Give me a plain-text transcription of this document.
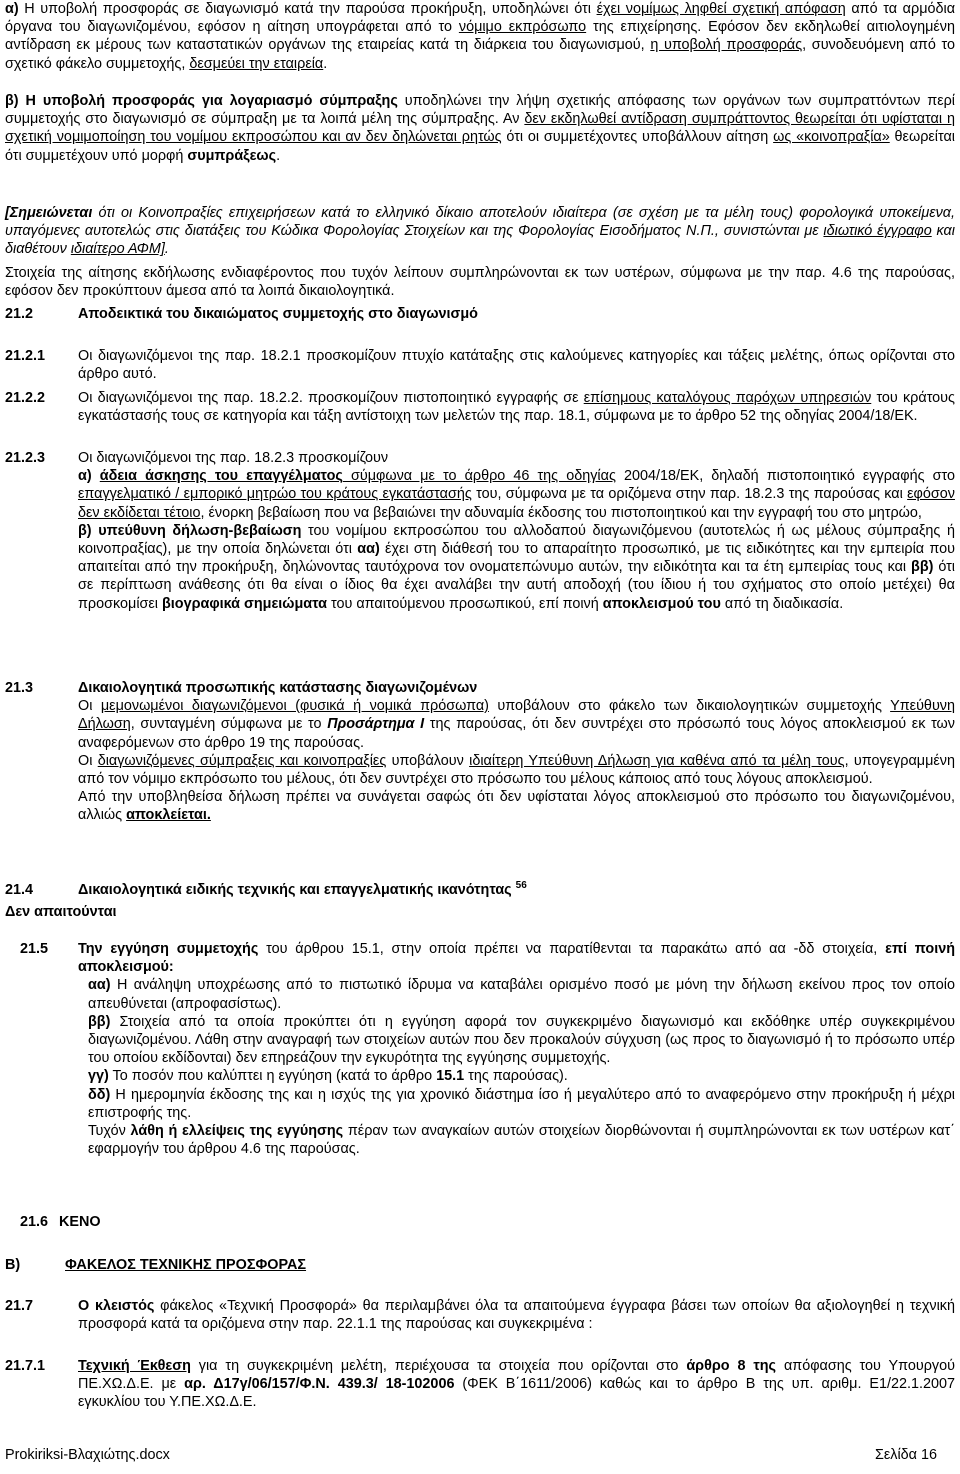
α) Η υποβολή προσφοράς σε διαγωνισμό κατά την παρούσα προκήρυξη, υποδηλώνει ότι έχει νομίμως ληφθεί σχετική απόφαση από τα αρμόδια όργανα του διαγωνιζομένου, εφόσον η αίτηση υπογράφεται από το νόμιμο εκπρόσωπο της επιχείρησης. Εφόσον δεν εκδηλωθεί αιτιολογημένη αντίδραση εκ μέρους των καταστατικών οργάνων της εταιρείας κατά τη διάρκεια του διαγωνισμού, η υποβολή προσφοράς, συνοδευόμενη από το σχετικό φάκελο συμμετοχής, δεσμεύει την εταιρεία.

β) Η υποβολή προσφοράς για λογαριασμό σύμπραξης υποδηλώνει την λήψη σχετικής απόφασης των οργάνων των συμπραττόντων περί συμμετοχής στο διαγωνισμό σε σύμπραξη με τα λοιπά μέλη της σύμπραξης. Αν δεν εκδηλωθεί αντίδραση συμπράττοντος θεωρείται ότι υφίσταται η σχετική νομιμοποίηση του νομίμου εκπροσώπου και αν δεν δηλώνεται ρητώς ότι οι συμμετέχοντες υποβάλλουν αίτηση ως «κοινοπραξία» θεωρείται ότι συμμετέχουν υπό μορφή συμπράξεως.

[Σημειώνεται ότι οι Κοινοπραξίες επιχειρήσεων κατά το ελληνικό δίκαιο αποτελούν ιδιαίτερα (σε σχέση με τα μέλη τους) φορολογικά υποκείμενα, υπαγόμενες αυτοτελώς στις διατάξεις του Κώδικα Φορολογίας Στοιχείων και της Φορολογίας Εισοδήματος Ν.Π., συνιστώνται με ιδιωτικό έγγραφο και διαθέτουν ιδιαίτερο ΑΦΜ].

Στοιχεία της αίτησης εκδήλωσης ενδιαφέροντος που τυχόν λείπουν συμπληρώνονται εκ των υστέρων, σύμφωνα με την παρ. 4.6 της παρούσας, εφόσον δεν προκύπτουν άμεσα από τα λοιπά δικαιολογητικά.

21.2	Αποδεικτικά του δικαιώματος συμμετοχής στο διαγωνισμό
21.2.1	Οι διαγωνιζόμενοι της παρ. 18.2.1 προσκομίζουν πτυχίο κατάταξης στις καλούμενες κατηγορίες και τάξεις μελέτης, όπως ορίζονται στο άρθρο αυτό.

21.2.2	Οι διαγωνιζόμενοι της παρ. 18.2.2. προσκομίζουν πιστοποιητικό εγγραφής σε επίσημους καταλόγους παρόχων υπηρεσιών του κράτους εγκατάστασής τους σε κατηγορία και τάξη αντίστοιχη των μελετών της παρ. 18.1, σύμφωνα με το άρθρο 52 της οδηγίας 2004/18/ΕΚ.

21.2.3 Οι διαγωνιζόμενοι της παρ. 18.2.3 προσκομίζουν

α) άδεια άσκησης του επαγγέλματος σύμφωνα με το άρθρο 46 της οδηγίας 2004/18/ΕΚ, δηλαδή πιστοποιητικό εγγραφής στο επαγγελματικό / εμπορικό μητρώο του κράτους εγκατάστασής του, σύμφωνα με τα οριζόμενα στην παρ. 18.2.3 της παρούσας και εφόσον δεν εκδίδεται τέτοιο, ένορκη βεβαίωση που να βεβαιώνει την αδυναμία έκδοσης του πιστοποιητικού και την εγγραφή του στο μητρώο,

β) υπεύθυνη δήλωση-βεβαίωση του νομίμου εκπροσώπου του αλλοδαπού διαγωνιζόμενου (αυτοτελώς ή ως μέλους σύμπραξης ή κοινοπραξίας), με την οποία δηλώνεται ότι αα) έχει στη διάθεσή του το απαραίτητο προσωπικό, με τις ειδικότητες και την εμπειρία που απαιτείται από την προκήρυξη, δηλώνοντας ταυτόχρονα τον ονοματεπώνυμο αυτών, την ειδικότητα και τα έτη εμπειρίας τους και ββ) ότι σε περίπτωση ανάθεσης ότι θα είναι ο ίδιος θα έχει αναλάβει την αυτή αποδοχή (του ίδιου ή του σχήματος στο οποίο μετέχει) θα προσκομίσει βιογραφικά σημειώματα του απαιτούμενου προσωπικού, επί ποινή αποκλεισμού του από τη διαδικασία.

21.3	Δικαιολογητικά προσωπικής κατάστασης διαγωνιζομένων

Οι μεμονωμένοι διαγωνιζόμενοι (φυσικά ή νομικά πρόσωπα) υποβάλουν στο φάκελο των δικαιολογητικών συμμετοχής Υπεύθυνη Δήλωση, συνταγμένη σύμφωνα με το Προσάρτημα Ι της παρούσας, ότι δεν συντρέχει στο πρόσωπό τους λόγος αποκλεισμού εκ των αναφερόμενων στο άρθρο 19 της παρούσας.

Οι διαγωνιζόμενες σύμπραξεις και κοινοπραξίες υποβάλουν ιδιαίτερη Υπεύθυνη Δήλωση για καθένα από τα μέλη τους, υπογεγραμμένη από τον νόμιμο εκπρόσωπο του μέλους, ότι δεν συντρέχει στο πρόσωπο του μέλους κάποιος από τους λόγους αποκλεισμού.

Από την υποβληθείσα δήλωση πρέπει να συνάγεται σαφώς ότι δεν υφίσταται λόγος αποκλεισμού στο πρόσωπο του διαγωνιζομένου, αλλιώς αποκλείεται.

21.4	Δικαιολογητικά ειδικής τεχνικής και επαγγελματικής ικανότητας $^{56}$
Δεν απαιτούνται
21.5 Την εγγύηση συμμετοχής του άρθρου 15.1, στην οποία πρέπει να παρατίθενται τα παρακάτω από αα -δδ στοιχεία, επί ποινή αποκλεισμού:

αα) Η ανάληψη υποχρέωσης από το πιστωτικό ίδρυμα να καταβάλει ορισμένο ποσό με μόνη την δήλωση εκείνου προς τον οποίο απευθύνεται (απροφασίστως).

ββ) Στοιχεία από τα οποία προκύπτει ότι η εγγύηση αφορά τον συγκεκριμένο διαγωνισμό και εκδόθηκε υπέρ συγκεκριμένου διαγωνιζομένου. Λάθη στην αναγραφή των στοιχείων αυτών που δεν προκαλούν σύγχυση (ως προς το διαγωνισμό ή το πρόσωπο υπέρ του οποίου εκδίδονται) δεν επηρεάζουν την εγκυρότητα της εγγύησης συμμετοχής.

γγ) Το ποσόν που καλύπτει η εγγύηση (κατά το άρθρο 15.1 της παρούσας).

δδ) Η ημερομηνία έκδοσης της και η ισχύς της για χρονικό διάστημα ίσο ή μεγαλύτερο από το αναφερόμενο στην προκήρυξη ή μέχρι επιστροφής της.

Τυχόν λάθη ή ελλείψεις της εγγύησης πέραν των αναγκαίων αυτών στοιχείων διορθώνονται ή συμπληρώνονται εκ των υστέρων κατ΄ εφαρμογήν του άρθρου 4.6 της παρούσας.

21.6 ΚΕΝΟ
Β)	ΦΑΚΕΛΟΣ ΤΕΧΝΙΚΗΣ ΠΡΟΣΦΟΡΑΣ
21.7	Ο κλειστός φάκελος «Τεχνική Προσφορά» θα περιλαμβάνει όλα τα απαιτούμενα έγγραφα βάσει των οποίων θα αξιολογηθεί η τεχνική προσφορά κατά τα οριζόμενα στην παρ. 22.1.1 της παρούσας και συγκεκριμένα :

21.7.1	Τεχνική Έκθεση για τη συγκεκριμένη μελέτη, περιέχουσα τα στοιχεία που ορίζονται στο άρθρο 8 της απόφασης του Υπουργού ΠΕ.ΧΩ.Δ.Ε. με αρ. Δ17γ/06/157/Φ.Ν. 439.3/ 18-102006 (ΦΕΚ Β΄1611/2006) καθώς και το άρθρο Β της υπ. αριθμ. Ε1/22.1.2007 εγκυκλίου του Υ.ΠΕ.ΧΩ.Δ.Ε.

Prokiriksi-Βλαχιώτης.docx	Σελίδα 16
